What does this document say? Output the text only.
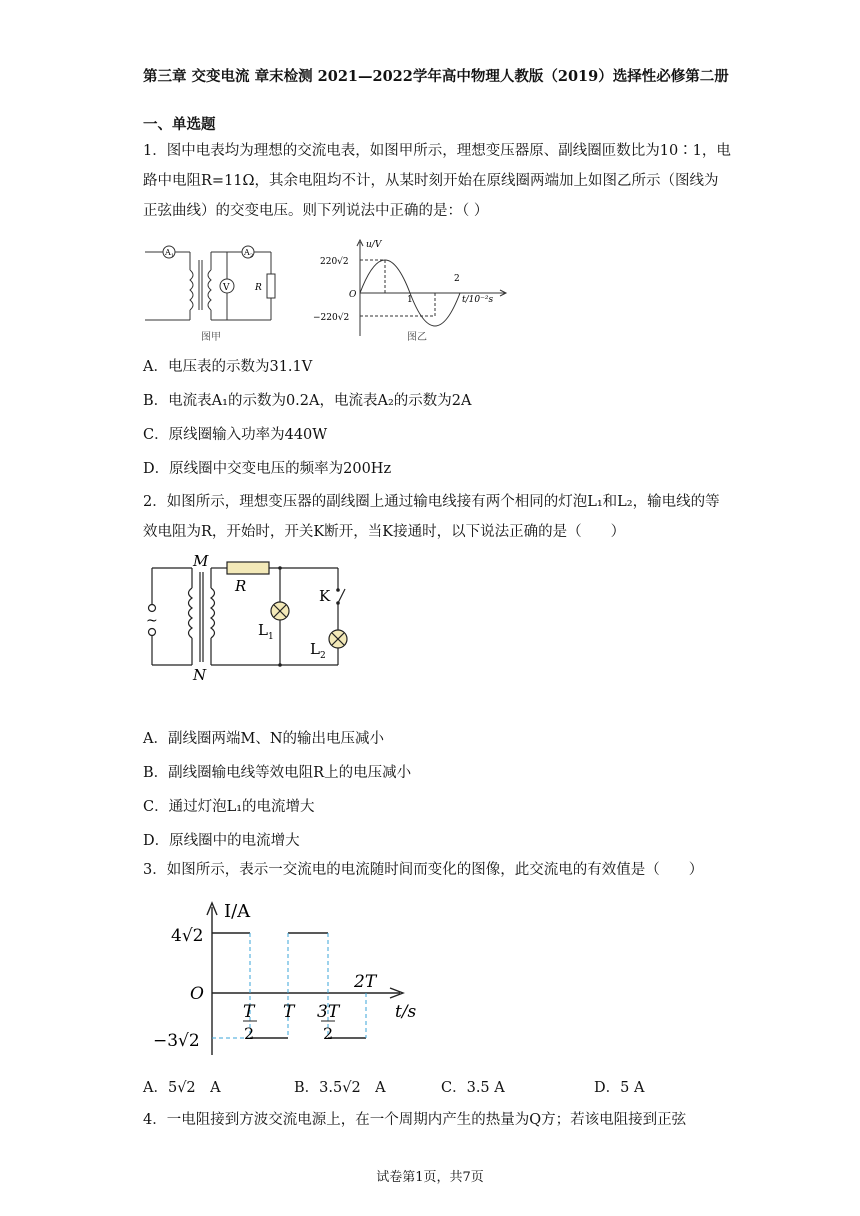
第三章 交变电流 章末检测 2021—2022学年高中物理人教版（2019）选择性必修第二册
一、单选题
1．图中电表均为理想的交流电表，如图甲所示，理想变压器原、副线圈匝数比为10∶1，电路中电阻R=11Ω，其余电阻均不计，从某时刻开始在原线圈两端加上如图乙所示（图线为正弦曲线）的交变电压。则下列说法中正确的是：（ ）
A 1	A 2
V	R
图甲
u/V
220√2
O
−220√2
1
2
t/10⁻²s
图乙
A．电压表的示数为31.1V
B．电流表A₁的示数为0.2A，电流表A₂的示数为2A
C．原线圈输入功率为440W
D．原线圈中交变电压的频率为200Hz
2．如图所示，理想变压器的副线圈上通过输电线接有两个相同的灯泡L₁和L₂，输电线的等效电阻为R，开始时，开关K断开，当K接通时，以下说法正确的是（　　）
~
M
N
R
K
L 1
L 2
A．副线圈两端M、N的输出电压减小
B．副线圈输电线等效电阻R上的电压减小
C．通过灯泡L₁的电流增大
D．原线圈中的电流增大
3．如图所示，表示一交流电的电流随时间而变化的图像，此交流电的有效值是（　　）
I/A
4√2
O
−3√2
T
2
T 3T
2
2T
t/s
A．5√2　A	B．3.5√2　A	C．3.5 A	D．5 A
4．一电阻接到方波交流电源上，在一个周期内产生的热量为Q方；若该电阻接到正弦
试卷第1页，共7页
